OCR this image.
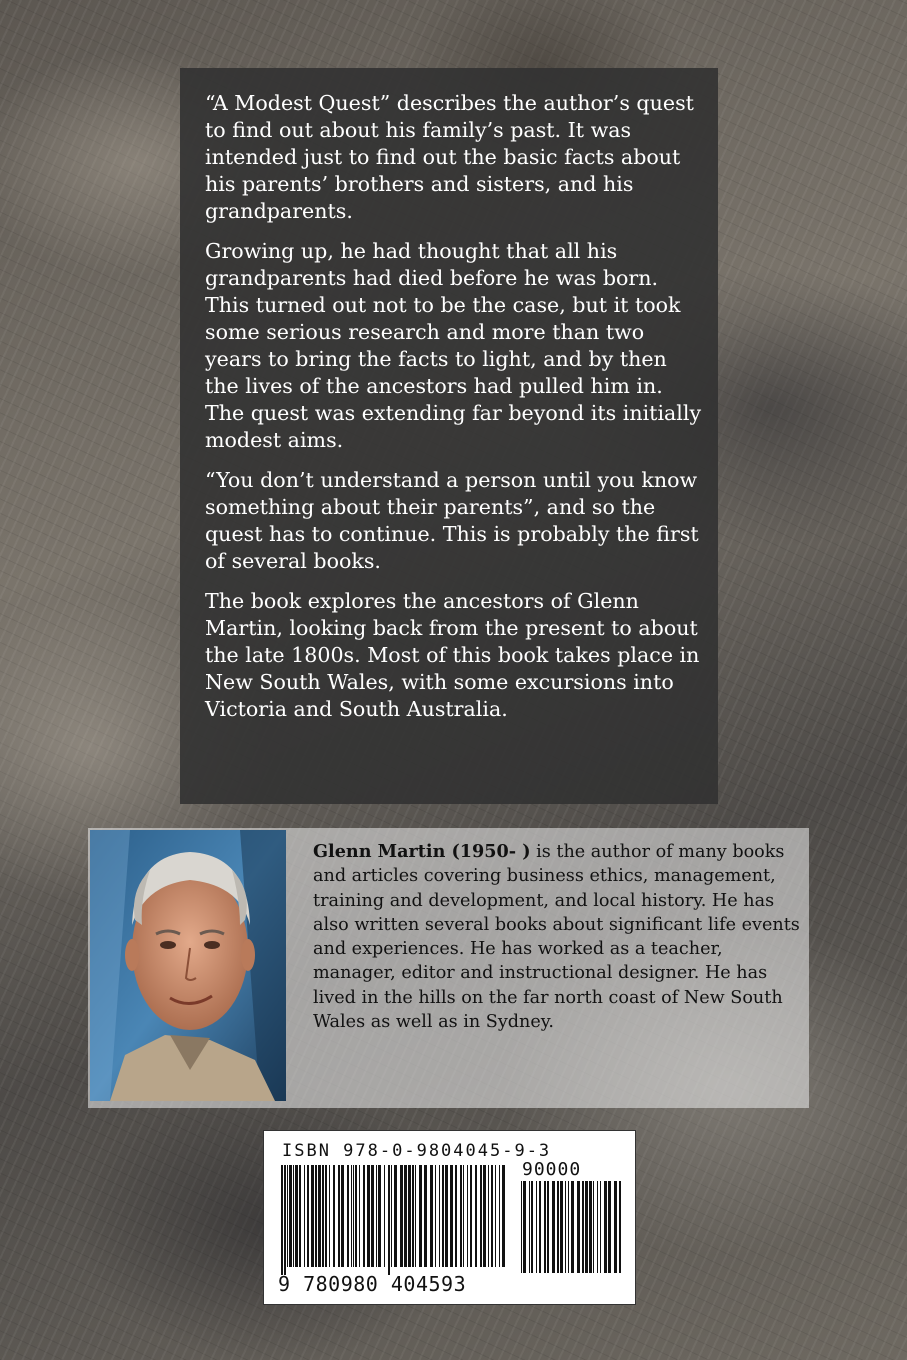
“A Modest Quest” describes the author’s quest to find out about his family’s past. It was intended just to find out the basic facts about his parents’ brothers and sisters, and his grandparents.

Growing up, he had thought that all his grandparents had died before he was born. This turned out not to be the case, but it took some serious research and more than two years to bring the facts to light, and by then the lives of the ancestors had pulled him in. The quest was extending far beyond its initially modest aims.

“You don’t understand a person until you know something about their parents”, and so the quest has to continue. This is probably the first of several books.

The book explores the ancestors of Glenn Martin, looking back from the present to about the late 1800s. Most of this book takes place in New South Wales, with some excursions into Victoria and South Australia.

Glenn Martin (1950- ) is the author of many books and articles covering business ethics, management, training and development, and local history. He has also written several books about significant life events and experiences. He has worked as a teacher, manager, editor and instructional designer. He has lived in the hills on the far north coast of New South Wales as well as in Sydney.
ISBN 978-0-9804045-9-3
90000
9 780980 404593
